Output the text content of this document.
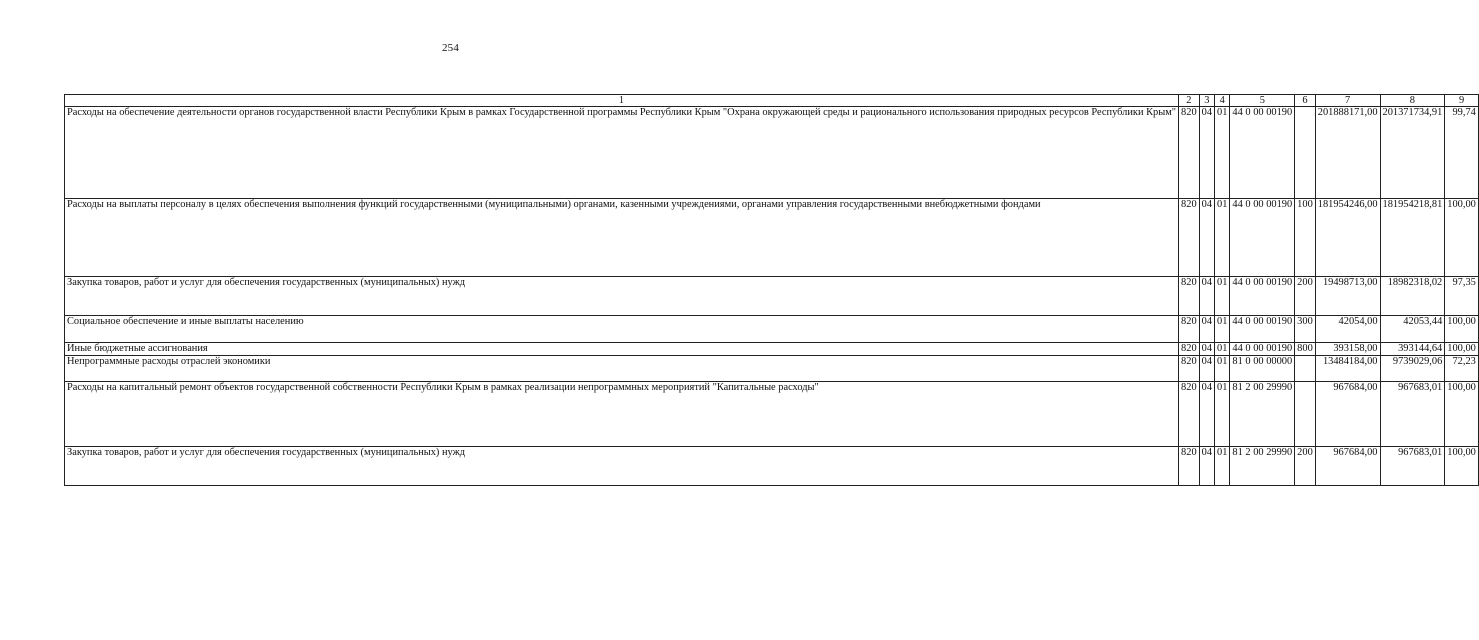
254
1	2	3	4	5	6	7	8	9
Расходы на обеспечение деятельности органов государственной власти Республики Крым в рамках Государственной программы Республики Крым "Охрана окружающей среды и рационального использования природных ресурсов Республики Крым"	820	04	01	44 0 00 00190		201888171,00	201371734,91	99,74
Расходы на выплаты персоналу в целях обеспечения выполнения функций государственными (муниципальными) органами, казенными учреждениями, органами управления государственными внебюджетными фондами	820	04	01	44 0 00 00190	100	181954246,00	181954218,81	100,00
Закупка товаров, работ и услуг для обеспечения государственных (муниципальных) нужд	820	04	01	44 0 00 00190	200	19498713,00	18982318,02	97,35
Социальное обеспечение и иные выплаты населению	820	04	01	44 0 00 00190	300	42054,00	42053,44	100,00
Иные бюджетные ассигнования	820	04	01	44 0 00 00190	800	393158,00	393144,64	100,00
Непрограммные расходы отраслей экономики	820	04	01	81 0 00 00000		13484184,00	9739029,06	72,23
Расходы на капитальный ремонт объектов государственной собственности Республики Крым в рамках реализации непрограммных мероприятий "Капитальные расходы"	820	04	01	81 2 00 29990		967684,00	967683,01	100,00
Закупка товаров, работ и услуг для обеспечения государственных (муниципальных) нужд	820	04	01	81 2 00 29990	200	967684,00	967683,01	100,00
